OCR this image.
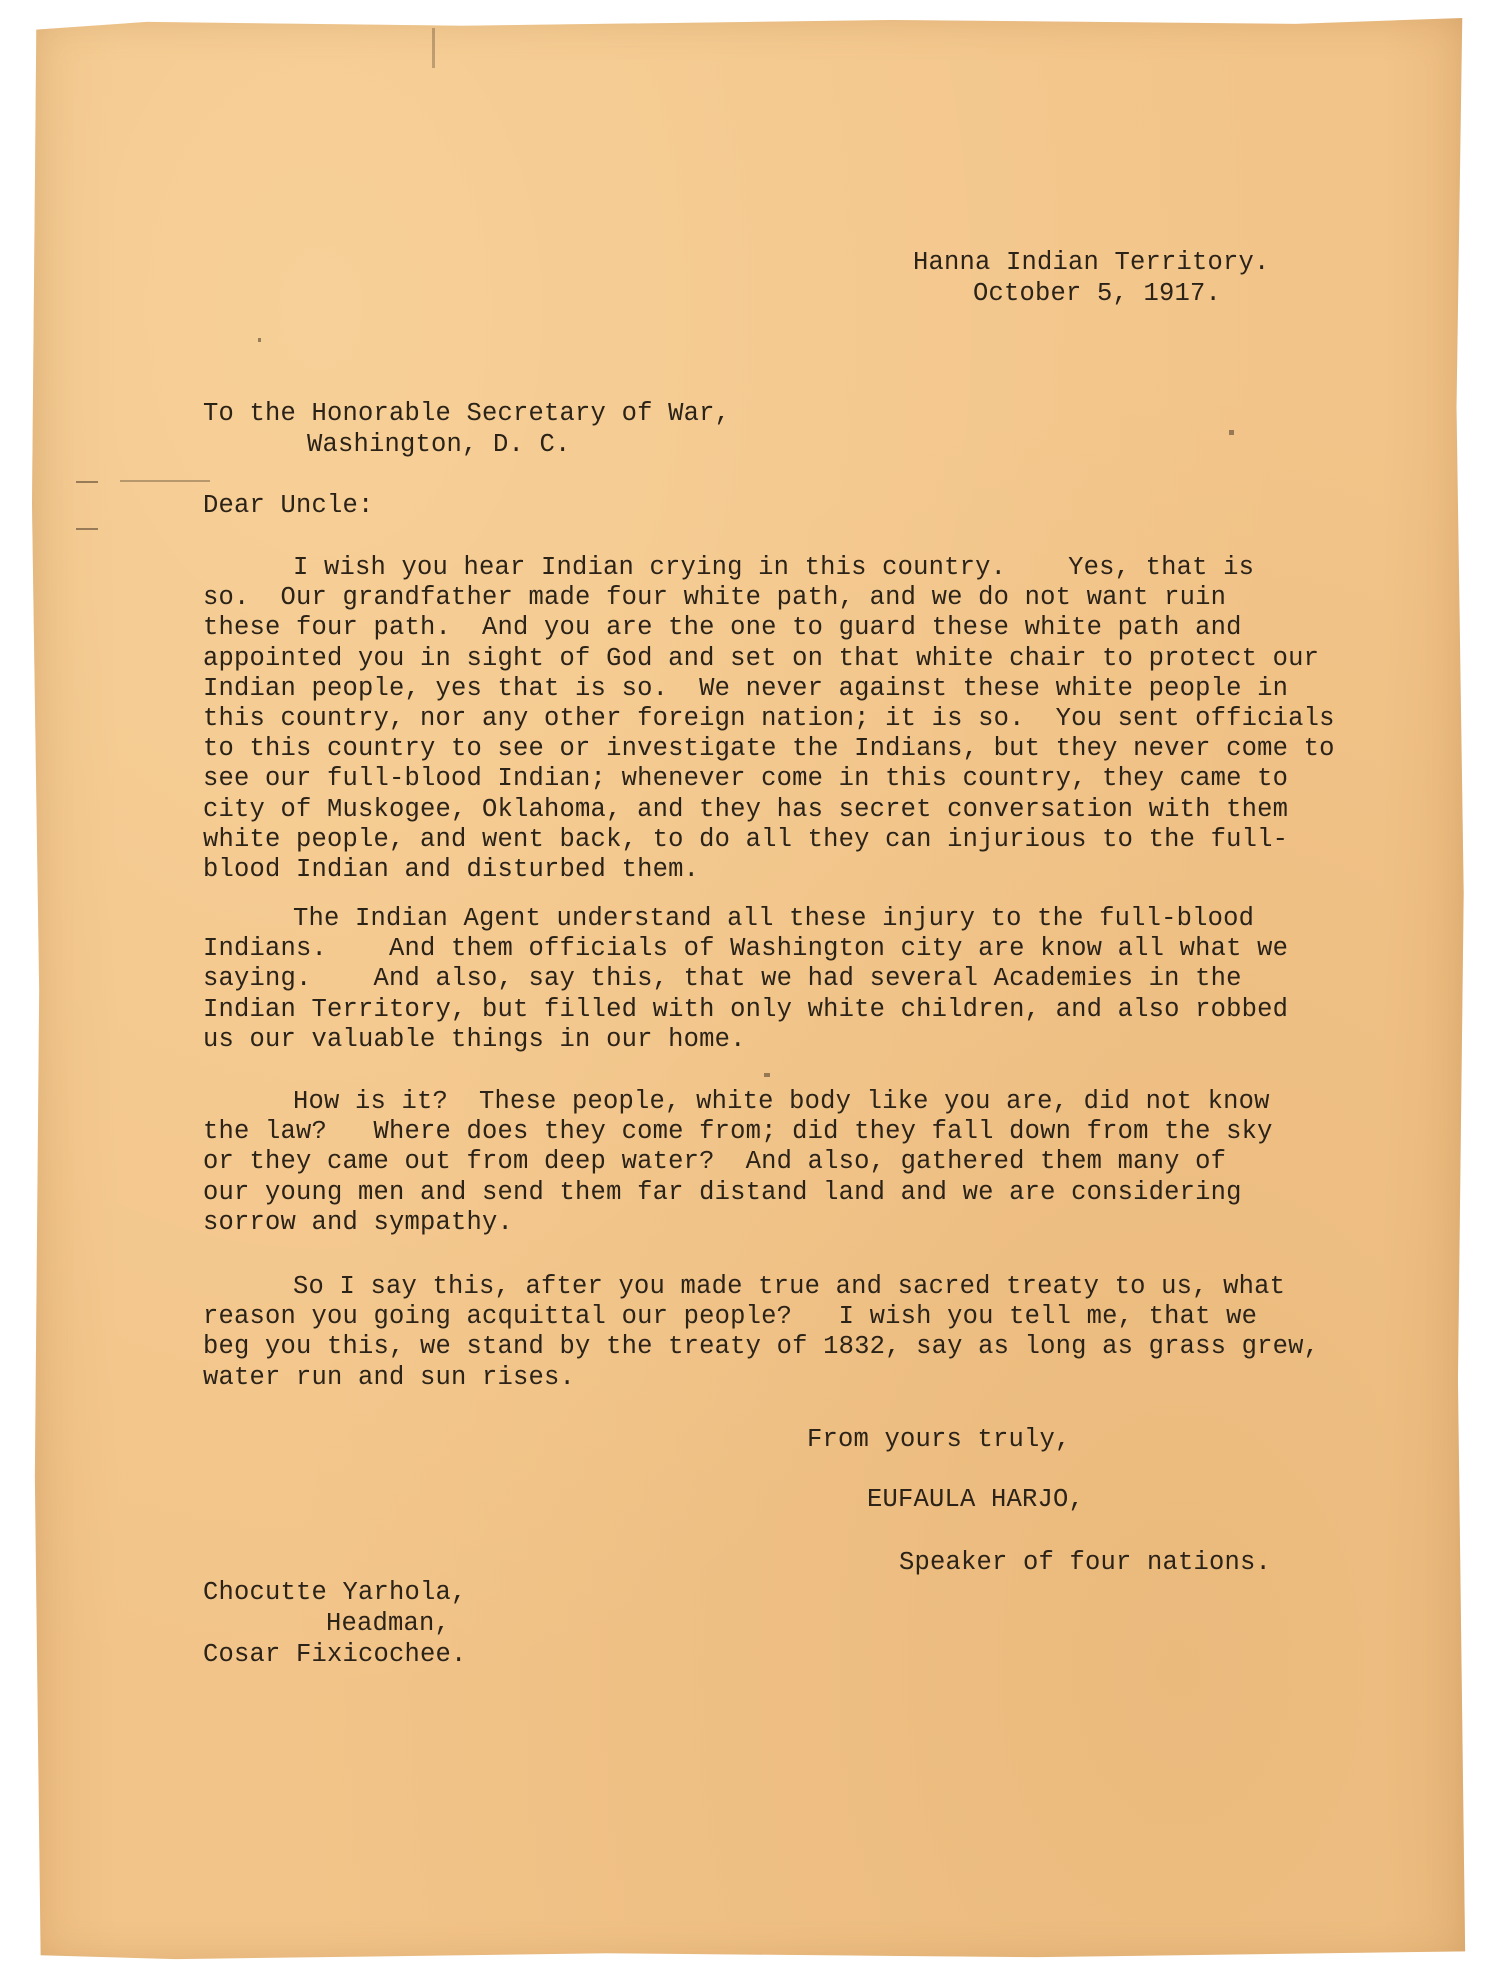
Hanna Indian Territory.
October 5, 1917.
To the Honorable Secretary of War,
Washington, D. C.
Dear Uncle:
I wish you hear Indian crying in this country.    Yes, that is
so.  Our grandfather made four white path, and we do not want ruin
these four path.  And you are the one to guard these white path and
appointed you in sight of God and set on that white chair to protect our
Indian people, yes that is so.  We never against these white people in
this country, nor any other foreign nation; it is so.  You sent officials
to this country to see or investigate the Indians, but they never come to
see our full-blood Indian; whenever come in this country, they came to
city of Muskogee, Oklahoma, and they has secret conversation with them
white people, and went back, to do all they can injurious to the full-
blood Indian and disturbed them.
The Indian Agent understand all these injury to the full-blood
Indians.    And them officials of Washington city are know all what we
saying.    And also, say this, that we had several Academies in the
Indian Territory, but filled with only white children, and also robbed
us our valuable things in our home.
How is it?  These people, white body like you are, did not know
the law?   Where does they come from; did they fall down from the sky
or they came out from deep water?  And also, gathered them many of
our young men and send them far distand land and we are considering
sorrow and sympathy.
So I say this, after you made true and sacred treaty to us, what
reason you going acquittal our people?   I wish you tell me, that we
beg you this, we stand by the treaty of 1832, say as long as grass grew,
water run and sun rises.
From yours truly,
EUFAULA HARJO,
Speaker of four nations.
Chocutte Yarhola,
Headman,
Cosar Fixicochee.
